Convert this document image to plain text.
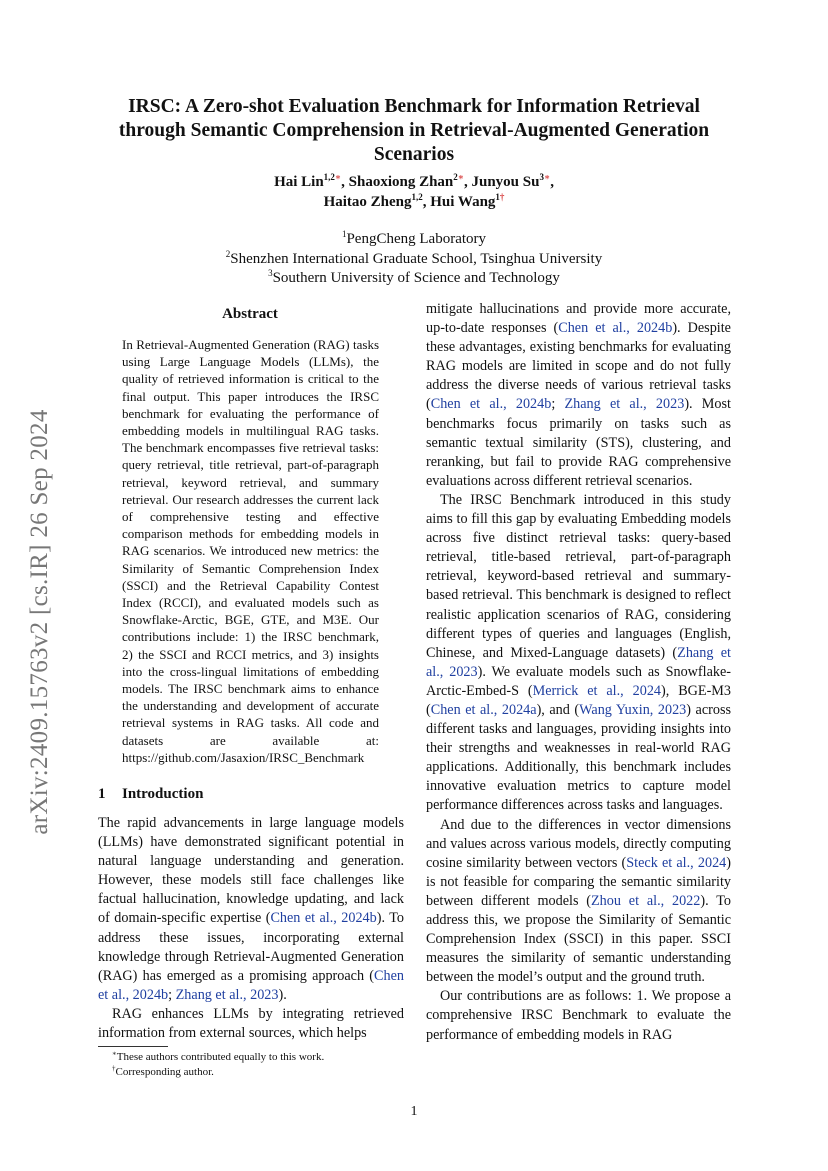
arXiv:2409.15763v2 [cs.IR] 26 Sep 2024
IRSC: A Zero-shot Evaluation Benchmark for Information Retrieval through Semantic Comprehension in Retrieval-Augmented Generation Scenarios
Hai Lin$^{1,2∗}$, Shaoxiong Zhan$^{2∗}$, Junyou $Su^{3∗}$,
Haitao Zheng$^{1,2}$, Hui Wang$^{1\dagger}$
$^1$PengCheng Laboratory
$^2$Shenzhen International Graduate School, Tsinghua University
$^3$Southern University of Science and Technology
Abstract
In Retrieval-Augmented Generation (RAG) tasks using Large Language Models (LLMs), the quality of retrieved information is critical to the final output. This paper introduces the IRSC benchmark for evaluating the performance of embedding models in multilingual RAG tasks. The benchmark encompasses five retrieval tasks: query retrieval, title retrieval, part-of-paragraph retrieval, keyword retrieval, and summary retrieval. Our research addresses the current lack of comprehensive testing and effective comparison methods for embedding models in RAG scenarios. We introduced new metrics: the Similarity of Semantic Comprehension Index (SSCI) and the Retrieval Capability Contest Index (RCCI), and evaluated models such as Snowflake-Arctic, BGE, GTE, and M3E. Our contributions include: 1) the IRSC benchmark, 2) the SSCI and RCCI metrics, and 3) insights into the cross-lingual limitations of embedding models. The IRSC benchmark aims to enhance the understanding and development of accurate retrieval systems in RAG tasks. All code and datasets are available at: https://github.com/Jasaxion/IRSC_Benchmark
1 Introduction

The rapid advancements in large language models (LLMs) have demonstrated significant potential in natural language understanding and generation. However, these models still face challenges like factual hallucination, knowledge updating, and lack of domain-specific expertise (Chen et al., 2024b). To address these issues, incorporating external knowledge through Retrieval-Augmented Generation (RAG) has emerged as a promising approach (Chen et al., 2024b; Zhang et al., 2023).

RAG enhances LLMs by integrating retrieved information from external sources, which helps

mitigate hallucinations and provide more accurate, up-to-date responses (Chen et al., 2024b). Despite these advantages, existing benchmarks for evaluating RAG models are limited in scope and do not fully address the diverse needs of various retrieval tasks (Chen et al., 2024b; Zhang et al., 2023). Most benchmarks focus primarily on tasks such as semantic textual similarity (STS), clustering, and reranking, but fail to provide RAG comprehensive evaluations across different retrieval scenarios.

The IRSC Benchmark introduced in this study aims to fill this gap by evaluating Embedding models across five distinct retrieval tasks: query-based retrieval, title-based retrieval, part-of-paragraph retrieval, keyword-based retrieval and summary-based retrieval. This benchmark is designed to reflect realistic application scenarios of RAG, considering different types of queries and languages (English, Chinese, and Mixed-Language datasets) (Zhang et al., 2023). We evaluate models such as Snowflake-Arctic-Embed-S (Merrick et al., 2024), BGE-M3 (Chen et al., 2024a), and (Wang Yuxin, 2023) across different tasks and languages, providing insights into their strengths and weaknesses in real-world RAG applications. Additionally, this benchmark includes innovative evaluation metrics to capture model performance differences across tasks and languages.

And due to the differences in vector dimensions and values across various models, directly computing cosine similarity between vectors (Steck et al., 2024) is not feasible for comparing the semantic similarity between different models (Zhou et al., 2022). To address this, we propose the Similarity of Semantic Comprehension Index (SSCI) in this paper. SSCI measures the similarity of semantic understanding between the model’s output and the ground truth.

Our contributions are as follows: 1. We propose a comprehensive IRSC Benchmark to evaluate the performance of embedding models in RAG

∗These authors contributed equally to this work.
†Corresponding author.
1
